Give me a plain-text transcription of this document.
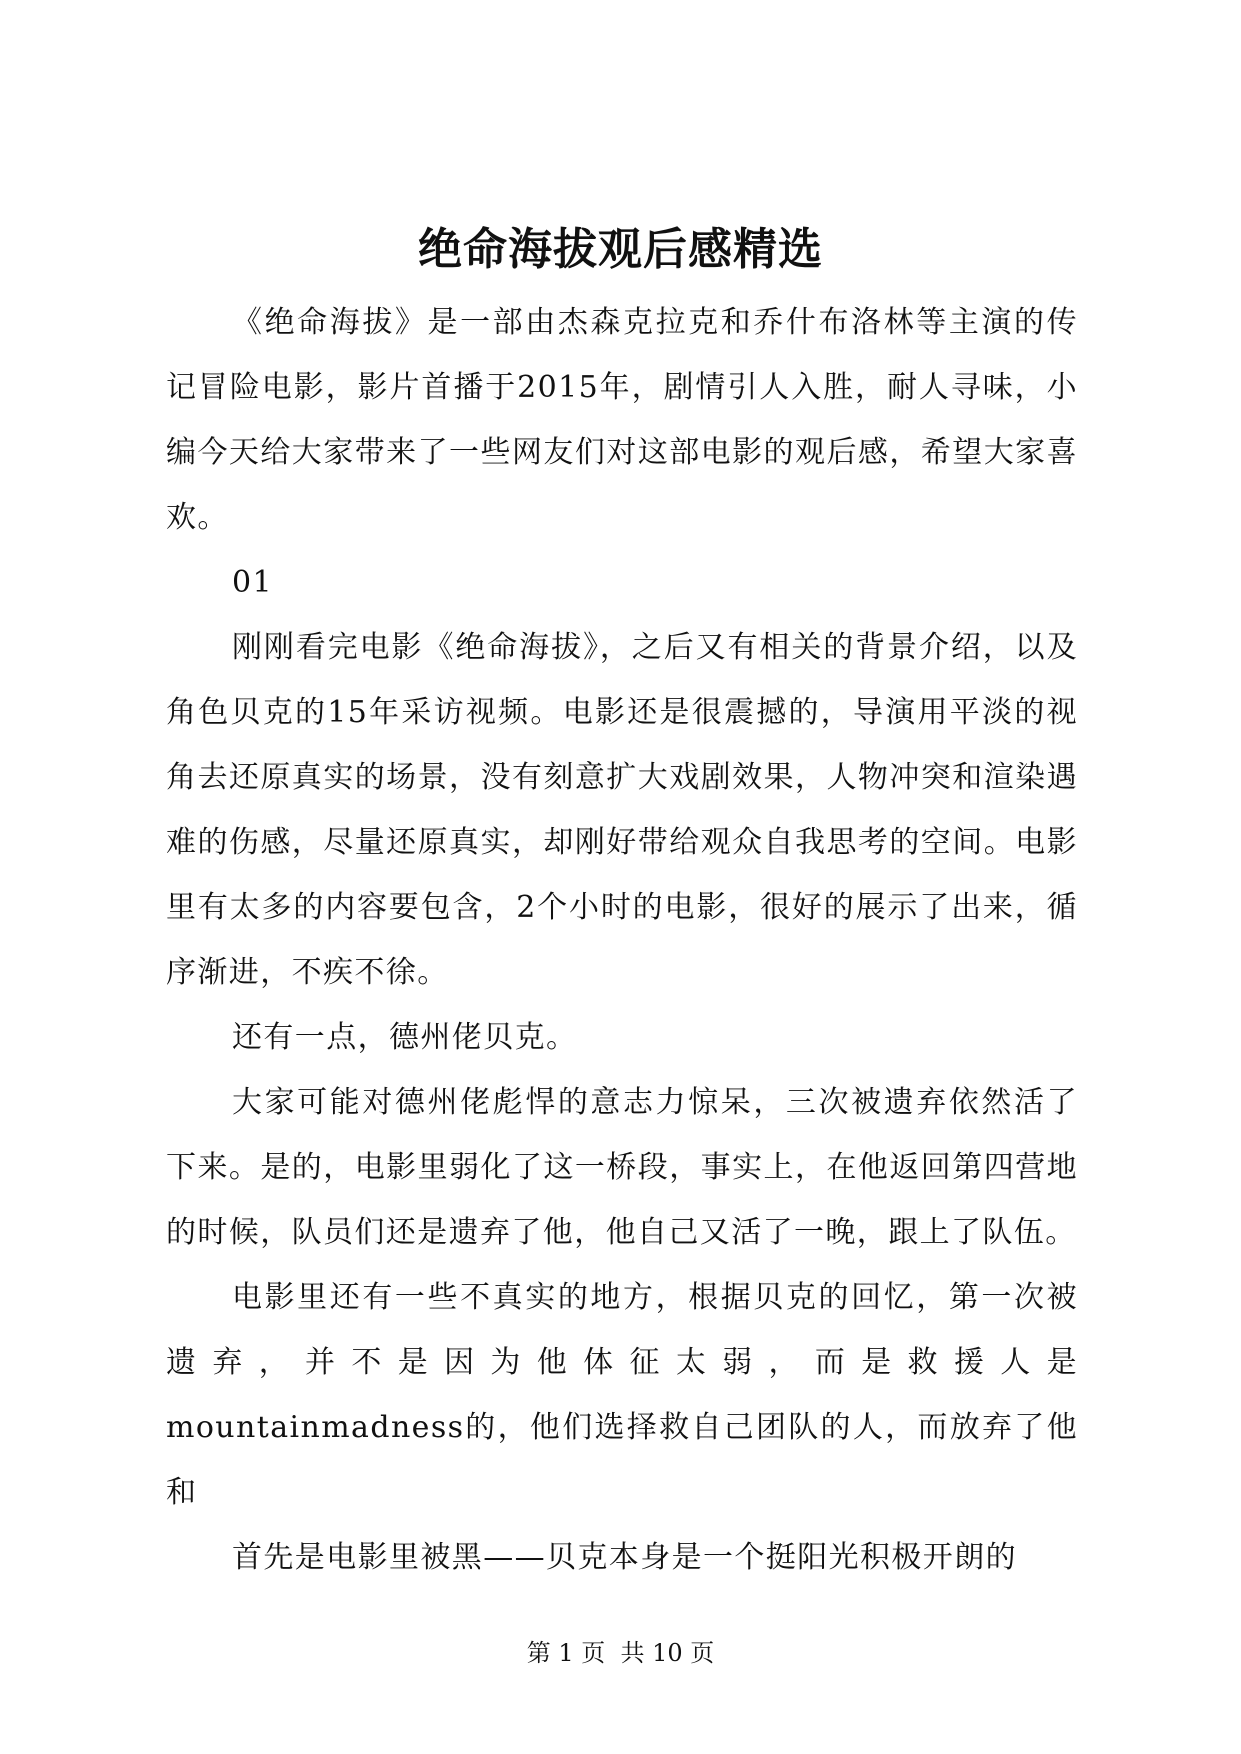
绝命海拔观后感精选

《绝命海拔》是一部由杰森克拉克和乔什布洛林等主演的传记冒险电影，影片首播于2015年，剧情引人入胜，耐人寻味，小编今天给大家带来了一些网友们对这部电影的观后感，希望大家喜欢。

01

刚刚看完电影《绝命海拔》，之后又有相关的背景介绍，以及角色贝克的15年采访视频。电影还是很震撼的，导演用平淡的视角去还原真实的场景，没有刻意扩大戏剧效果，人物冲突和渲染遇难的伤感，尽量还原真实，却刚好带给观众自我思考的空间。电影里有太多的内容要包含，2个小时的电影，很好的展示了出来，循序渐进，不疾不徐。

还有一点，德州佬贝克。

大家可能对德州佬彪悍的意志力惊呆，三次被遗弃依然活了下来。是的，电影里弱化了这一桥段，事实上，在他返回第四营地的时候，队员们还是遗弃了他，他自己又活了一晚，跟上了队伍。

电影里还有一些不真实的地方，根据贝克的回忆，第一次被遗弃，并不是因为他体征太弱，而是救援人是mountainmadness的，他们选择救自己团队的人，而放弃了他和

首先是电影里被黑——贝克本身是一个挺阳光积极开朗的

第 1 页  共 10 页
